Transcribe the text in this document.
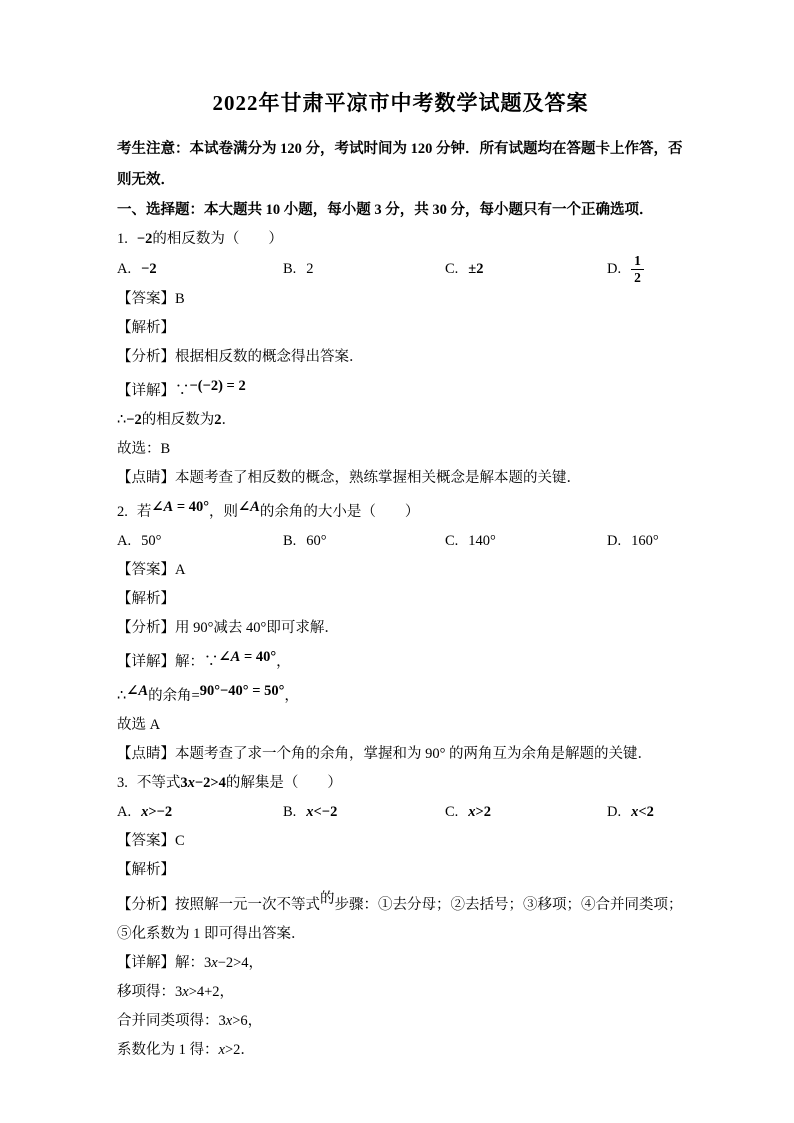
2022年甘肃平凉市中考数学试题及答案

考生注意：本试卷满分为 120 分，考试时间为 120 分钟．所有试题均在答题卡上作答，否
则无效．

一、选择题：本大题共 10 小题，每小题 3 分，共 30 分，每小题只有一个正确选项．

1. −2的相反数为（　　）

A. −2	B. 2	C. ±2	D. $\frac{1}{2}$

【答案】B

【解析】

【分析】根据相反数的概念得出答案．

【详解】∵−(−2) = 2

∴−2的相反数为2．

故选：B

【点睛】本题考查了相反数的概念，熟练掌握相关概念是解本题的关键．

2. 若∠A = 40°，则∠A的余角的大小是（　　）

A. 50°	B. 60°	C. 140°	D. 160°

【答案】A

【解析】

【分析】用 90°减去 40°即可求解．

【详解】解：∵∠A = 40°，

∴∠A的余角=90°−40° = 50°，

故选 A

【点睛】本题考查了求一个角的余角，掌握和为 90° 的两角互为余角是解题的关键．

3. 不等式3x−2>4的解集是（　　）

A. x>−2	B. x<−2	C. x>2	D. x<2

【答案】C

【解析】

【分析】按照解一元一次不等式的步骤：①去分母；②去括号；③移项；④合并同类项；
⑤化系数为 1 即可得出答案．

【详解】解：3x−2>4，

移项得：3x>4+2，

合并同类项得：3x>6，

系数化为 1 得：x>2．
